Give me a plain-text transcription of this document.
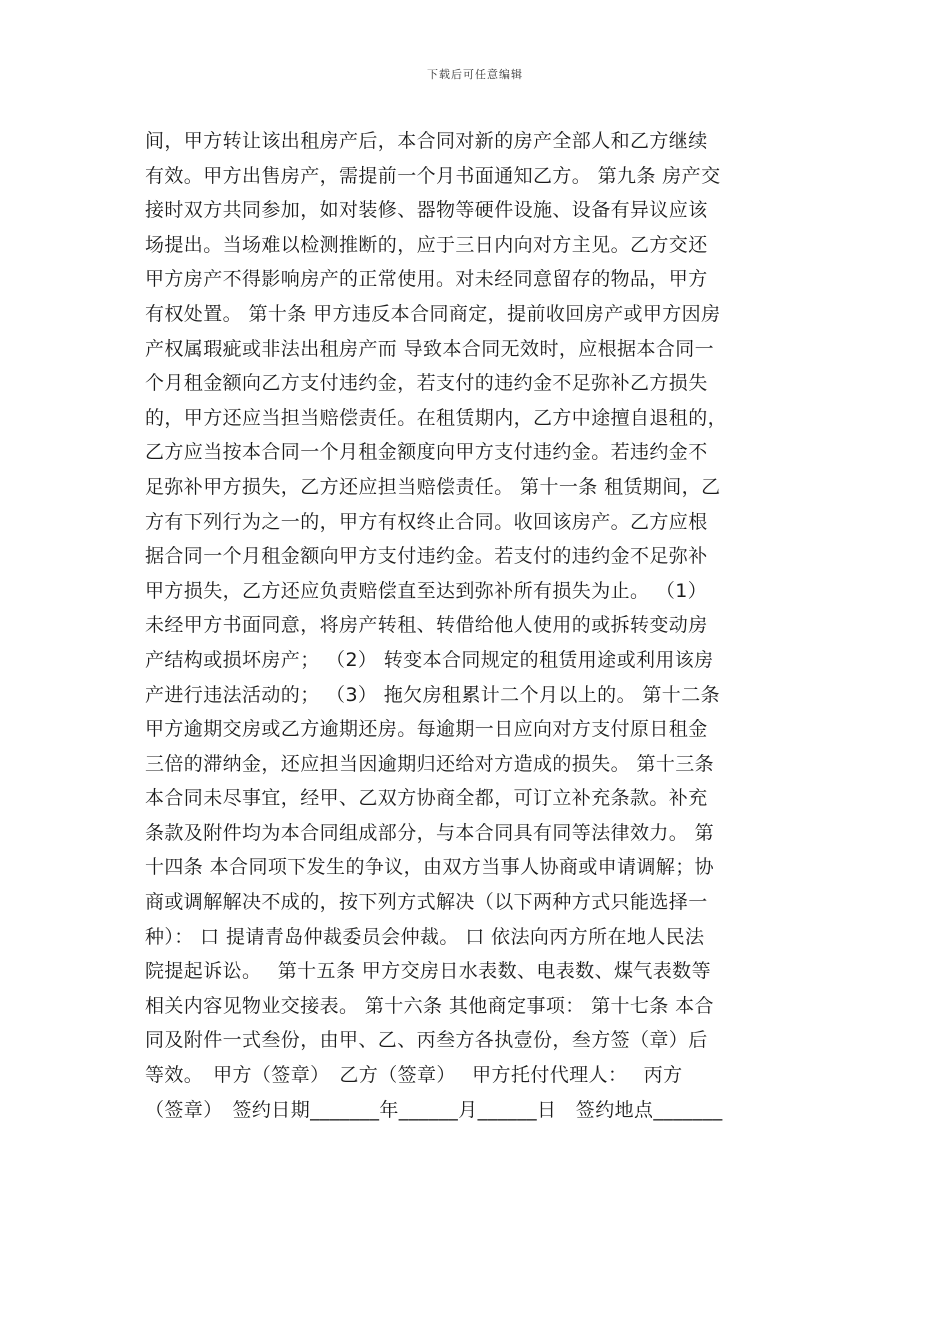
下载后可任意编辑
间，甲方转让该出租房产后，本合同对新的房产全部人和乙方继续
有效。甲方出售房产，需提前一个月书面通知乙方。 第九条 房产交
接时双方共同参加，如对装修、器物等硬件设施、设备有异议应该
场提出。当场难以检测推断的，应于三日内向对方主见。乙方交还
甲方房产不得影响房产的正常使用。对未经同意留存的物品，甲方
有权处置。 第十条 甲方违反本合同商定，提前收回房产或甲方因房
产权属瑕疵或非法出租房产而 导致本合同无效时，应根据本合同一
个月租金额向乙方支付违约金，若支付的违约金不足弥补乙方损失
的，甲方还应当担当赔偿责任。在租赁期内，乙方中途擅自退租的，
乙方应当按本合同一个月租金额度向甲方支付违约金。若违约金不
足弥补甲方损失，乙方还应担当赔偿责任。 第十一条 租赁期间，乙
方有下列行为之一的，甲方有权终止合同。收回该房产。乙方应根
据合同一个月租金额向甲方支付违约金。若支付的违约金不足弥补
甲方损失，乙方还应负责赔偿直至达到弥补所有损失为止。 （1）
未经甲方书面同意，将房产转租、转借给他人使用的或拆转变动房
产结构或损坏房产； （2） 转变本合同规定的租赁用途或利用该房
产进行违法活动的； （3） 拖欠房租累计二个月以上的。 第十二条
甲方逾期交房或乙方逾期还房。每逾期一日应向对方支付原日租金
三倍的滞纳金，还应担当因逾期归还给对方造成的损失。 第十三条
本合同未尽事宜，经甲、乙双方协商全都，可订立补充条款。补充
条款及附件均为本合同组成部分，与本合同具有同等法律效力。 第
十四条 本合同项下发生的争议，由双方当事人协商或申请调解；协
商或调解解决不成的，按下列方式解决（以下两种方式只能选择一
种）： 口 提请青岛仲裁委员会仲裁。 口 依法向丙方所在地人民法
院提起诉讼。　 第十五条 甲方交房日水表数、电表数、煤气表数等
相关内容见物业交接表。 第十六条 其他商定事项： 第十七条 本合
同及附件一式叁份，由甲、乙、丙叁方各执壹份，叁方签（章）后
等效。　甲方（签章）　乙方（签章）　 甲方托付代理人：　 丙方
（签章）　签约日期_______年______月______日　签约地点_______
